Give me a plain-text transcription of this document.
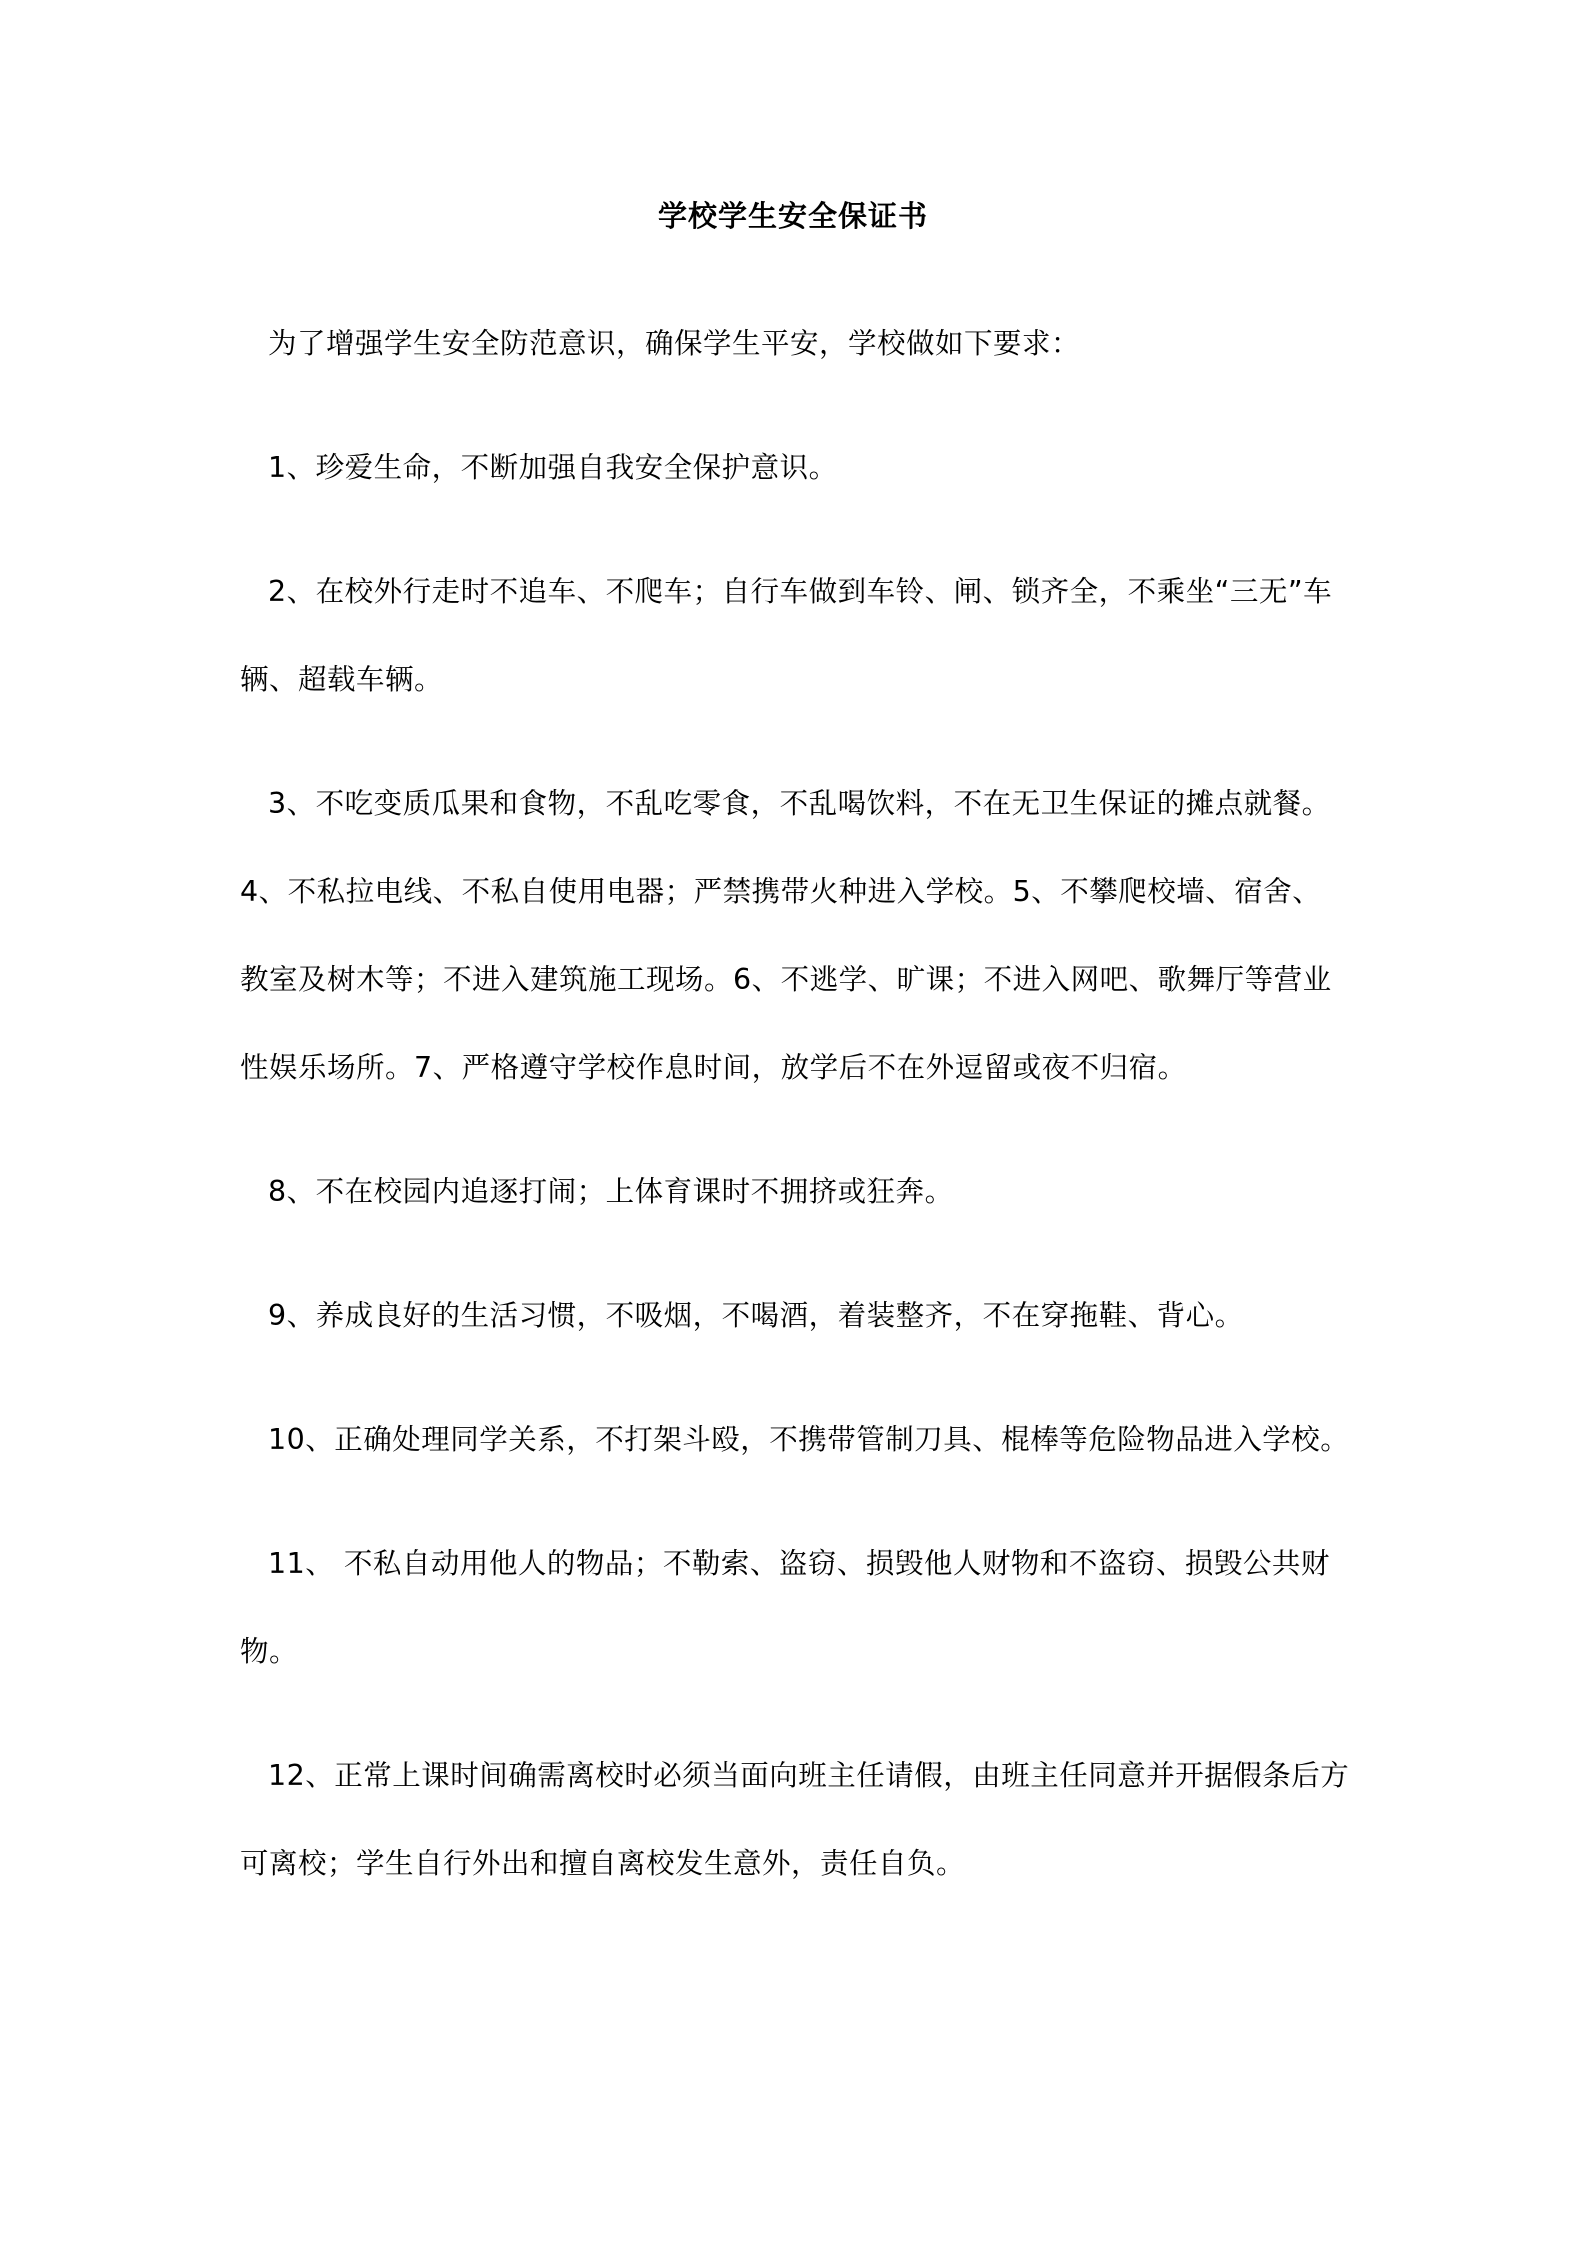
学校学生安全保证书

为了增强学生安全防范意识，确保学生平安，学校做如下要求：

1、珍爱生命，不断加强自我安全保护意识。

2、在校外行走时不追车、不爬车；自行车做到车铃、闸、锁齐全，不乘坐“三无”车辆、超载车辆。

3、不吃变质瓜果和食物，不乱吃零食，不乱喝饮料，不在无卫生保证的摊点就餐。4、不私拉电线、不私自使用电器；严禁携带火种进入学校。5、不攀爬校墙、宿舍、教室及树木等；不进入建筑施工现场。6、不逃学、旷课；不进入网吧、歌舞厅等营业性娱乐场所。7、严格遵守学校作息时间，放学后不在外逗留或夜不归宿。

8、不在校园内追逐打闹；上体育课时不拥挤或狂奔。

9、养成良好的生活习惯，不吸烟，不喝酒，着装整齐，不在穿拖鞋、背心。

10、正确处理同学关系，不打架斗殴，不携带管制刀具、棍棒等危险物品进入学校。

11、 不私自动用他人的物品；不勒索、盗窃、损毁他人财物和不盗窃、损毁公共财物。

12、正常上课时间确需离校时必须当面向班主任请假，由班主任同意并开据假条后方可离校；学生自行外出和擅自离校发生意外，责任自负。
